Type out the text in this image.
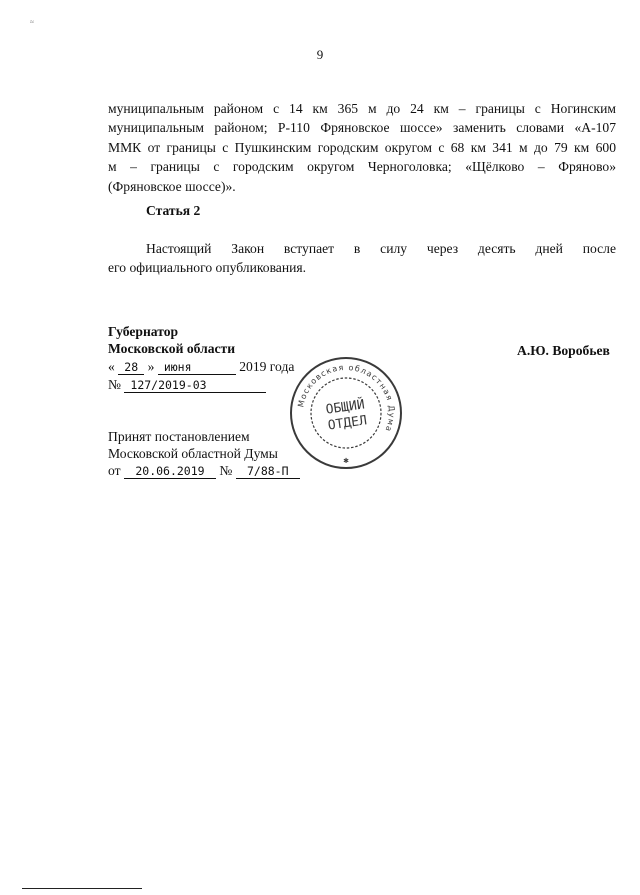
≈
9
муниципальным районом с 14 км 365 м до 24 км – границы с Ногинским
муниципальным районом; Р-110 Фряновское шоссе» заменить словами «А-107
ММК от границы с Пушкинским городским округом с 68 км 341 м до 79 км 600
м – границы с городским округом Черноголовка; «Щёлково – Фряново»
(Фряновское шоссе)».
Статья 2
Настоящий Закон вступает в силу через десять дней после
его официального опубликования.
Губернатор
Московской области	А.Ю. Воробьев
« 28 » июня	2019 года
№ 127/2019-03
Принят постановлением
Московской областной Думы
от 20.06.2019 № 7/88-П
Московская областная Дума
ОБЩИЙ
ОТДЕЛ
✱
